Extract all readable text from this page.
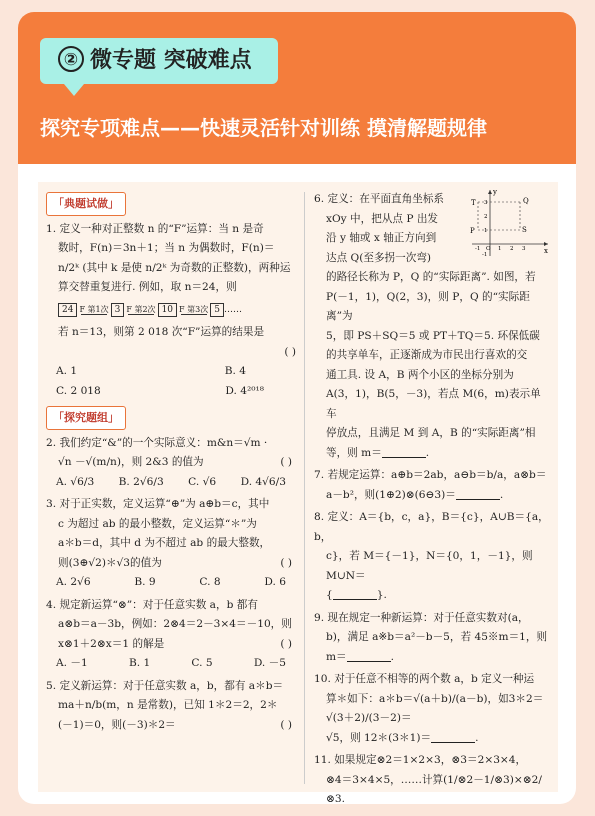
② 微专题 突破难点
探究专项难点——快速灵活针对训练 摸清解题规律
「典题试做」

1. 定义一种对正整数 n 的“F”运算：当 n 是奇

数时，F(n)＝3n＋1；当 n 为偶数时，F(n)＝

n/2ᵏ (其中 k 是使 n/2ᵏ 为奇数的正整数)，两种运

算交替重复进行. 例如，取 n＝24，则

24 F 第1次 3 F 第2次 10 F 第3次 5 ……

若 n＝13，则第 2 018 次“F”运算的结果是

( )

A. 1	B. 4
C. 2 018	D. 4²⁰¹⁸
「探究题组」

2. 我们约定“&”的一个实际意义：m&n＝√m ·

√n －√(m/n)，则 2&3 的值为	( )

A. √6/3 B. 2√6/3 C. √6 D. 4√6/3

3. 对于正实数，定义运算“⊕”为 a⊕b＝c，其中

c 为超过 ab 的最小整数，定义运算“＊”为

a＊b＝d，其中 d 为不超过 ab 的最大整数，

则(3⊕√2)＊√3的值为	( )

A. 2√6	B. 9	C. 8	D. 6

4. 规定新运算“⊗”：对于任意实数 a，b 都有

a⊗b＝a－3b，例如：2⊗4＝2－3×4＝－10，则

x⊗1＋2⊗x＝1 的解是	( )

A. －1	B. 1	C. 5	D. －5

5. 定义新运算：对于任意实数 a，b，都有 a＊b＝

ma＋n/b(m，n 是常数)，已知 1＊2＝2，2＊

(－1)＝0，则(－3)＊2＝	( )

T	Q
P	S
x
y
3
2
1
-1
-1 O 1 2 3

6. 定义：在平面直角坐标系

xOy 中，把从点 P 出发

沿 y 轴或 x 轴正方向到

达点 Q(至多拐一次弯)

的路径长称为 P，Q 的“实际距离”. 如图，若

P(－1，1)，Q(2，3)，则 P，Q 的“实际距离”为

5，即 PS＋SQ＝5 或 PT＋TQ＝5. 环保低碳

的共享单车，正逐渐成为市民出行喜欢的交

通工具. 设 A，B 两个小区的坐标分别为

A(3，1)，B(5，－3)，若点 M(6，m)表示单车

停放点，且满足 M 到 A，B 的“实际距离”相

等，则 m＝	.

7. 若规定运算：a⊕b＝2ab，a⊖b＝b/a，a⊗b＝

a－b²，则(1⊕2)⊗(6⊖3)＝	.

8. 定义：A＝{b，c，a}，B＝{c}，A∪B＝{a，b，

c}，若 M＝{－1}，N＝{0，1，－1}，则 M∪N＝

{	}.

9. 现在规定一种新运算：对于任意实数对(a，

b)，满足 a※b＝a²－b－5，若 45※m＝1，则

m＝	.

10. 对于任意不相等的两个数 a，b 定义一种运

算＊如下：a＊b＝√(a＋b)/(a－b)，如3＊2＝√(3＋2)/(3－2)＝

√5，则 12＊(3＊1)＝	.

11. 如果规定⊗2＝1×2×3，⊗3＝2×3×4，

⊗4＝3×4×5，……计算(1/⊗2－1/⊗3)×⊗2/⊗3.
